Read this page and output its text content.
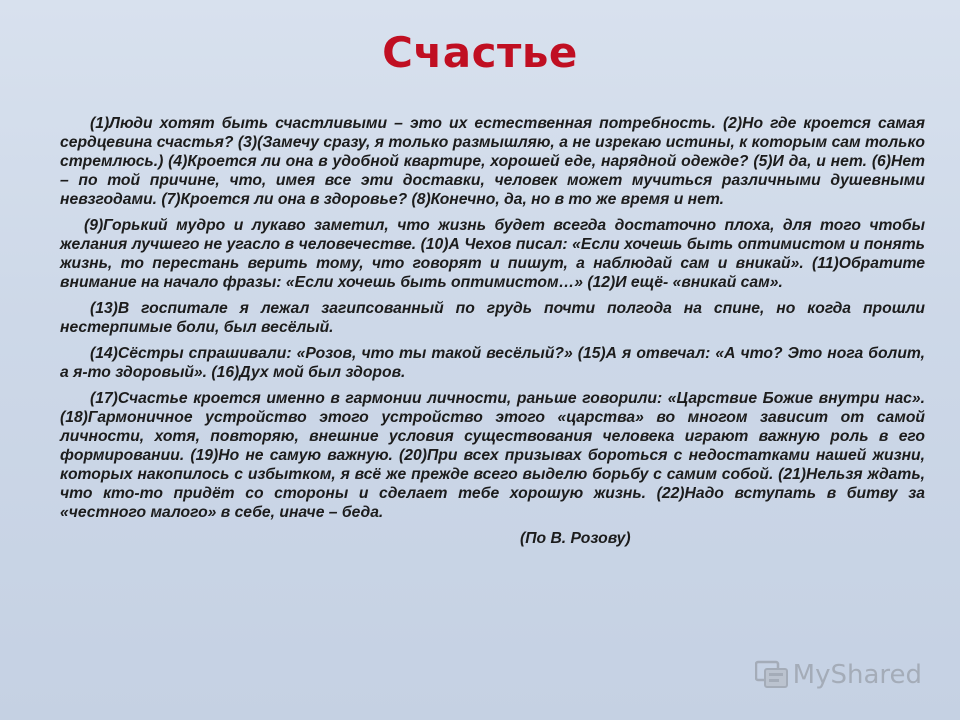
Счастье

(1)Люди хотят быть счастливыми – это их естественная потребность. (2)Но где кроется самая сердцевина счастья? (3)(Замечу сразу, я только размышляю, а не изрекаю истины, к которым сам только стремлюсь.) (4)Кроется ли она в удобной квартире, хорошей еде, нарядной одежде? (5)И да, и нет. (6)Нет – по той причине, что, имея все эти доставки, человек может мучиться различными душевными невзгодами. (7)Кроется ли она в здоровье? (8)Конечно, да, но в то же время и нет.

(9)Горький мудро и лукаво заметил, что жизнь будет всегда достаточно плоха, для того чтобы желания лучшего не угасло в человечестве. (10)А Чехов писал: «Если хочешь быть оптимистом и понять жизнь, то перестань верить тому, что говорят и пишут, а наблюдай сам и вникай». (11)Обратите внимание на начало фразы: «Если хочешь быть оптимистом…» (12)И ещё- «вникай сам».

(13)В госпитале я лежал загипсованный по грудь почти полгода на спине, но когда прошли нестерпимые боли, был весёлый.

(14)Сёстры спрашивали: «Розов, что ты такой весёлый?» (15)А я отвечал: «А что? Это нога болит, а я-то здоровый». (16)Дух мой был здоров.

(17)Счастье кроется именно в гармонии личности, раньше говорили: «Царствие Божие внутри нас». (18)Гармоничное устройство этого устройство этого «царства» во многом зависит от самой личности, хотя, повторяю, внешние условия существования человека играют важную роль в его формировании. (19)Но не самую важную. (20)При всех призывах бороться с недостатками нашей жизни, которых накопилось с избытком, я всё же прежде всего выделю борьбу с самим собой. (21)Нельзя ждать, что кто-то придёт со стороны и сделает тебе хорошую жизнь. (22)Надо вступать в битву за «честного малого» в себе, иначе – беда.

(По В. Розову)

MyShared
